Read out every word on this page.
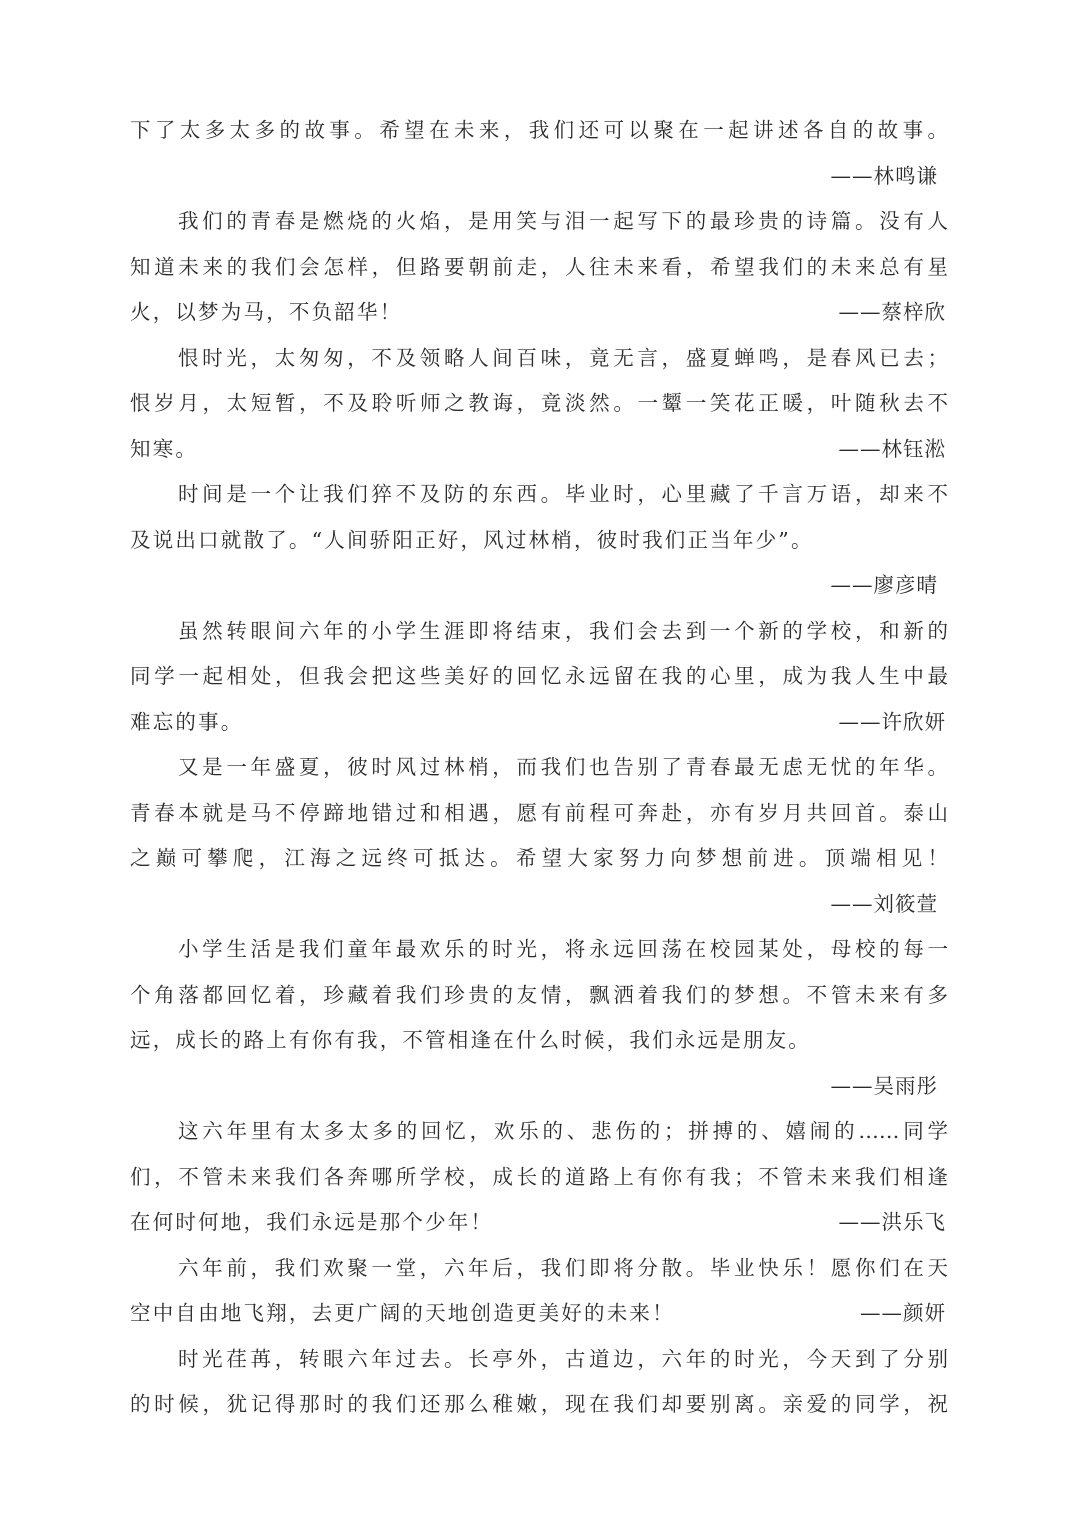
下了太多太多的故事。希望在未来，我们还可以聚在一起讲述各自的故事。
——林鸣谦
我们的青春是燃烧的火焰，是用笑与泪一起写下的最珍贵的诗篇。没有人
知道未来的我们会怎样，但路要朝前走，人往未来看，希望我们的未来总有星
火，以梦为马，不负韶华！	——蔡梓欣
恨时光，太匆匆，不及领略人间百味，竟无言，盛夏蝉鸣，是春风已去；
恨岁月，太短暂，不及聆听师之教诲，竟淡然。一颦一笑花正暖，叶随秋去不
知寒。	——林钰淞
时间是一个让我们猝不及防的东西。毕业时，心里藏了千言万语，却来不
及说出口就散了。“人间骄阳正好，风过林梢，彼时我们正当年少”。
——廖彦晴
虽然转眼间六年的小学生涯即将结束，我们会去到一个新的学校，和新的
同学一起相处，但我会把这些美好的回忆永远留在我的心里，成为我人生中最
难忘的事。	——许欣妍
又是一年盛夏，彼时风过林梢，而我们也告别了青春最无虑无忧的年华。
青春本就是马不停蹄地错过和相遇，愿有前程可奔赴，亦有岁月共回首。泰山
之巅可攀爬，江海之远终可抵达。希望大家努力向梦想前进。顶端相见！
——刘筱萱
小学生活是我们童年最欢乐的时光，将永远回荡在校园某处，母校的每一
个角落都回忆着，珍藏着我们珍贵的友情，飘洒着我们的梦想。不管未来有多
远，成长的路上有你有我，不管相逢在什么时候，我们永远是朋友。
——吴雨彤
这六年里有太多太多的回忆，欢乐的、悲伤的；拼搏的、嬉闹的……同学
们，不管未来我们各奔哪所学校，成长的道路上有你有我；不管未来我们相逢
在何时何地，我们永远是那个少年！	——洪乐飞
六年前，我们欢聚一堂，六年后，我们即将分散。毕业快乐！愿你们在天
空中自由地飞翔，去更广阔的天地创造更美好的未来！	——颜妍
时光荏苒，转眼六年过去。长亭外，古道边，六年的时光，今天到了分别
的时候，犹记得那时的我们还那么稚嫩，现在我们却要别离。亲爱的同学，祝
